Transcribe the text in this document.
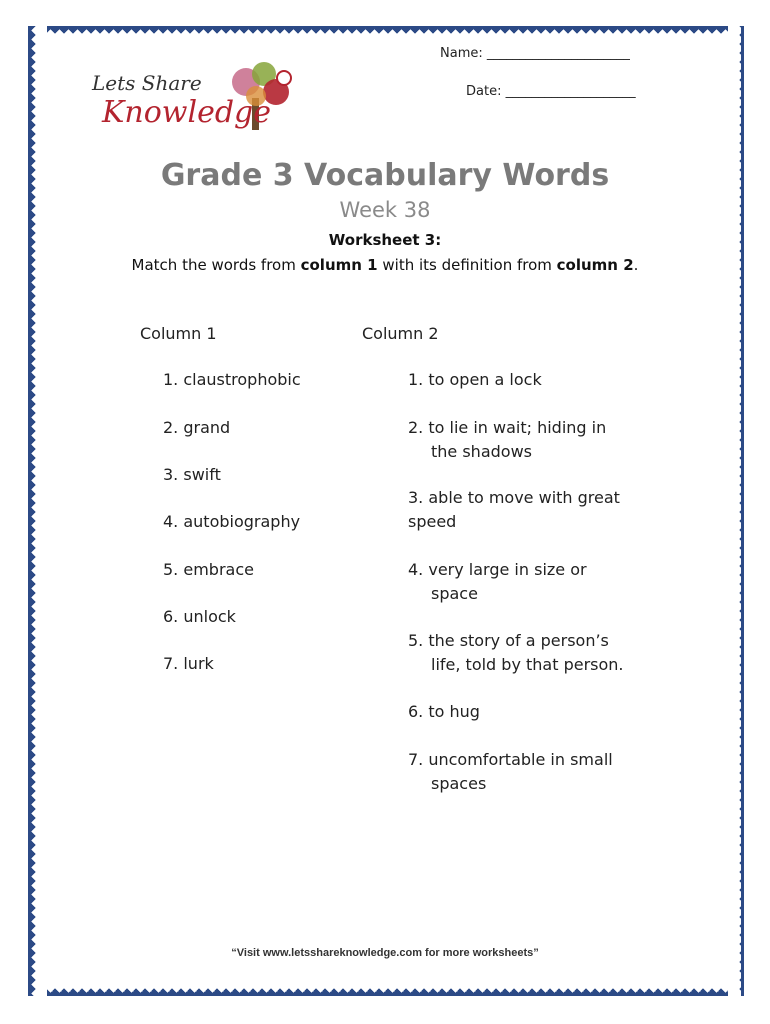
Name: ______________________
Date: ____________________
Lets Share
Knowledge
Grade 3 Vocabulary Words
Week 38
Worksheet 3:
Match the words from column 1 with its definition from column 2.
Column 1	Column 2
1. claustrophobic
2. grand
3. swift
4. autobiography
5. embrace
6. unlock
7. lurk
1. to open a lock
2. to lie in wait; hiding in
the shadows
3. able to move with great
speed
4. very large in size or
space
5. the story of a person’s
life, told by that person.
6. to hug
7. uncomfortable in small
spaces
“Visit www.letsshareknowledge.com for more worksheets”
